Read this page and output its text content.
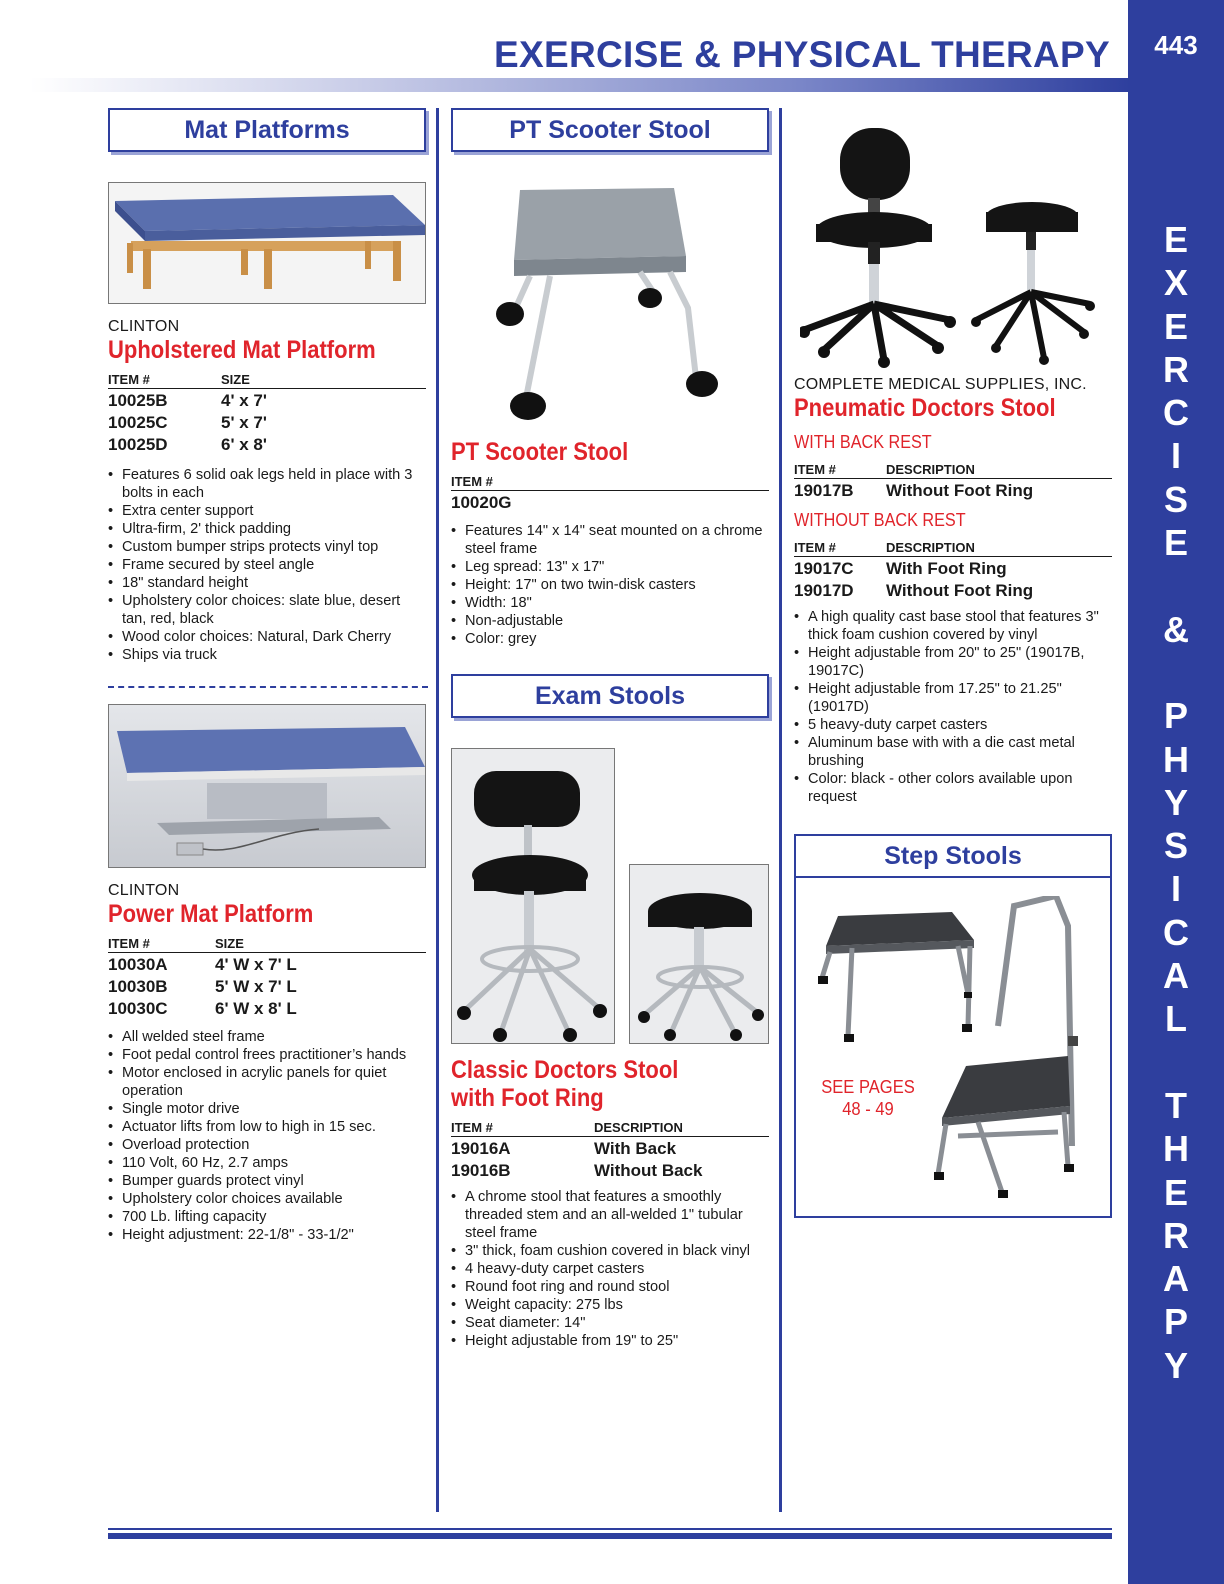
EXERCISE & PHYSICAL THERAPY	443
E
X
E
R
C
I
S
E
&
P
H
Y
S
I
C
A
L
T
H
E
R
A
P
Y
Mat Platforms
CLINTON
Upholstered Mat Platform
ITEM #	SIZE
10025B	4' x 7'
10025C	5' x 7'
10025D	6' x 8'
• Features 6 solid oak legs held in place with 3 bolts in each
• Extra center support
• Ultra-firm, 2' thick padding
• Custom bumper strips protects vinyl top
• Frame secured by steel angle
• 18" standard height
• Upholstery color choices: slate blue, desert tan, red, black
• Wood color choices: Natural, Dark Cherry
• Ships via truck
CLINTON
Power Mat Platform
ITEM #	SIZE
10030A	4' W x 7' L
10030B	5' W x 7' L
10030C	6' W x 8' L
• All welded steel frame
• Foot pedal control frees practitioner’s hands
• Motor enclosed in acrylic panels for quiet operation
• Single motor drive
• Actuator lifts from low to high in 15 sec.
• Overload protection
• 110 Volt, 60 Hz, 2.7 amps
• Bumper guards protect vinyl
• Upholstery color choices available
• 700 Lb. lifting capacity
• Height adjustment: 22-1/8" - 33-1/2"
PT Scooter Stool
PT Scooter Stool
ITEM #
10020G
• Features 14" x 14" seat mounted on a chrome steel frame
• Leg spread: 13" x 17"
• Height: 17" on two twin-disk casters
• Width: 18"
• Non-adjustable
• Color: grey
Exam Stools
Classic Doctors Stool
with Foot Ring
ITEM #	DESCRIPTION
19016A	With Back
19016B	Without Back
• A chrome stool that features a smoothly threaded stem and an all-welded 1" tubular steel frame
• 3" thick, foam cushion covered in black vinyl
• 4 heavy-duty carpet casters
• Round foot ring and round stool
• Weight capacity: 275 lbs
• Seat diameter: 14"
• Height adjustable from 19" to 25"
COMPLETE MEDICAL SUPPLIES, INC.
Pneumatic Doctors Stool
WITH BACK REST
ITEM #	DESCRIPTION
19017B	Without Foot Ring
WITHOUT BACK REST
ITEM #	DESCRIPTION
19017C	With Foot Ring
19017D	Without Foot Ring
• A high quality cast base stool that features 3" thick foam cushion covered by vinyl
• Height adjustable from 20" to 25" (19017B, 19017C)
• Height adjustable from 17.25" to 21.25" (19017D)
• 5 heavy-duty carpet casters
• Aluminum base with with a die cast metal brushing
• Color: black - other colors available upon request
Step Stools
SEE PAGES
48 - 49
